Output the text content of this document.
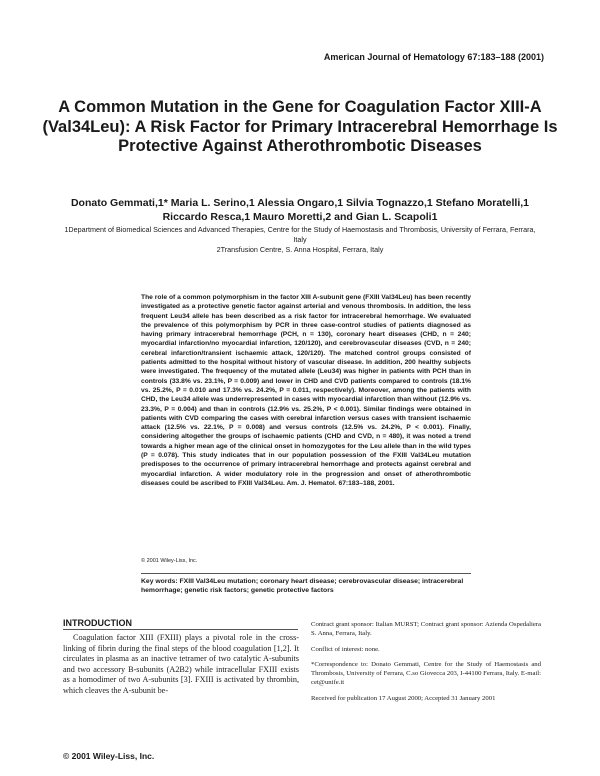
American Journal of Hematology 67:183–188 (2001)
A Common Mutation in the Gene for Coagulation Factor XIII-A (Val34Leu): A Risk Factor for Primary Intracerebral Hemorrhage Is Protective Against Atherothrombotic Diseases
Donato Gemmati,1* Maria L. Serino,1 Alessia Ongaro,1 Silvia Tognazzo,1 Stefano Moratelli,1
Riccardo Resca,1 Mauro Moretti,2 and Gian L. Scapoli1
1Department of Biomedical Sciences and Advanced Therapies, Centre for the Study of Haemostasis and Thrombosis, University of Ferrara, Ferrara, Italy
2Transfusion Centre, S. Anna Hospital, Ferrara, Italy
The role of a common polymorphism in the factor XIII A-subunit gene (FXIII Val34Leu) has been recently investigated as a protective genetic factor against arterial and venous thrombosis. In addition, the less frequent Leu34 allele has been described as a risk factor for intracerebral hemorrhage. We evaluated the prevalence of this polymorphism by PCR in three case-control studies of patients diagnosed as having primary intracerebral hemorrhage (PCH, n = 130), coronary heart diseases (CHD, n = 240; myocardial infarction/no myocardial infarction, 120/120), and cerebrovascular diseases (CVD, n = 240; cerebral infarction/transient ischaemic attack, 120/120). The matched control groups consisted of patients admitted to the hospital without history of vascular disease. In addition, 200 healthy subjects were investigated. The frequency of the mutated allele (Leu34) was higher in patients with PCH than in controls (33.8% vs. 23.1%, P = 0.009) and lower in CHD and CVD patients compared to controls (18.1% vs. 25.2%, P = 0.010 and 17.3% vs. 24.2%, P = 0.011, respectively). Moreover, among the patients with CHD, the Leu34 allele was underrepresented in cases with myocardial infarction than without (12.9% vs. 23.3%, P = 0.004) and than in controls (12.9% vs. 25.2%, P < 0.001). Similar findings were obtained in patients with CVD comparing the cases with cerebral infarction versus cases with transient ischaemic attack (12.5% vs. 22.1%, P = 0.008) and versus controls (12.5% vs. 24.2%, P < 0.001). Finally, considering altogether the groups of ischaemic patients (CHD and CVD, n = 480), it was noted a trend towards a higher mean age of the clinical onset in homozygotes for the Leu allele than in the wild types (P = 0.078). This study indicates that in our population possession of the FXIII Val34Leu mutation predisposes to the occurrence of primary intracerebral hemorrhage and protects against cerebral and myocardial infarction. A wider modulatory role in the progression and onset of atherothrombotic diseases could be ascribed to FXIII Val34Leu. Am. J. Hematol. 67:183–188, 2001.
© 2001 Wiley-Liss, Inc.
Key words: FXIII Val34Leu mutation; coronary heart disease; cerebrovascular disease; intracerebral hemorrhage; genetic risk factors; genetic protective factors
INTRODUCTION

Coagulation factor XIII (FXIII) plays a pivotal role in the cross-linking of fibrin during the final steps of the blood coagulation [1,2]. It circulates in plasma as an inactive tetramer of two catalytic A-subunits and two accessory B-subunits (A2B2) while intracellular FXIII exists as a homodimer of two A-subunits [3]. FXIII is activated by thrombin, which cleaves the A-subunit be-

Contract grant sponsor: Italian MURST; Contract grant sponsor: Azienda Ospedaliera S. Anna, Ferrara, Italy.

Conflict of interest: none.

*Correspondence to: Donato Gemmati, Centre for the Study of Haemostasis and Thrombosis, University of Ferrara, C.so Giovecca 203, I-44100 Ferrara, Italy. E-mail: cet@unife.it

Received for publication 17 August 2000; Accepted 31 January 2001

© 2001 Wiley-Liss, Inc.
